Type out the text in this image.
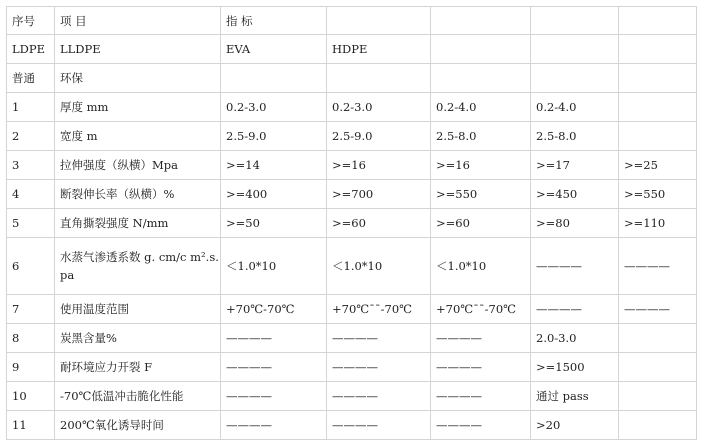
序号	项 目	指 标				
LDPE	LLDPE	EVA	HDPE			
普通	环保					
1	厚度 mm	0.2-3.0	0.2-3.0	0.2-4.0	0.2-4.0	
2	宽度 m	2.5-9.0	2.5-9.0	2.5-8.0	2.5-8.0	
3	拉伸强度（纵横）Mpa	>=14	>=16	>=16	>=17	>=25
4	断裂伸长率（纵横）%	>=400	>=700	>=550	>=450	>=550
5	直角撕裂强度 N/mm	>=50	>=60	>=60	>=80	>=110
6	水蒸气渗透系数 g. cm/c m².s. pa	＜1.0*10	＜1.0*10	＜1.0*10	————	————
7	使用温度范围	+70℃-70℃	+70℃¯¯-70℃	+70℃¯¯-70℃	————	————
8	炭黑含量%	————	————	————	2.0-3.0	
9	耐环境应力开裂 F	————	————	————	>=1500	
10	-70℃低温冲击脆化性能	————	————	————	通过 pass	
11	200℃氧化诱导时间	————	————	————	>20	
